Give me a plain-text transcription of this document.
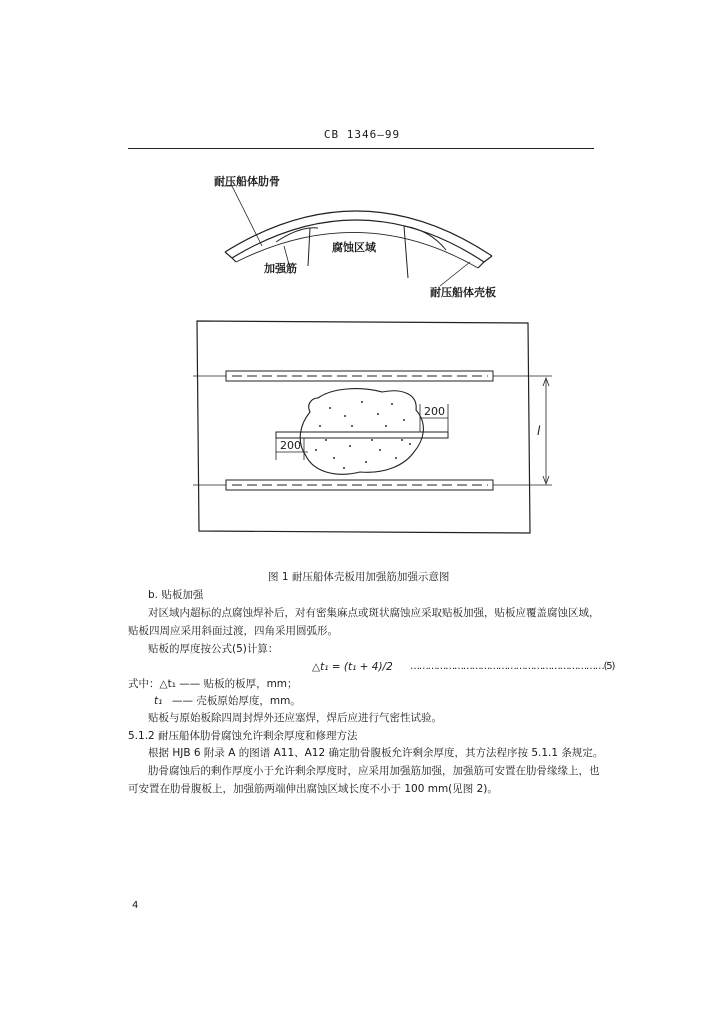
CB 1346—99
耐压船体肋骨
加强筋
腐蚀区域
耐压船体壳板
200
200
l
图 1 耐压船体壳板用加强筋加强示意图
b. 贴板加强
对区域内超标的点腐蚀焊补后，对有密集麻点或斑状腐蚀应采取贴板加强，贴板应覆盖腐蚀区域，
贴板四周应采用斜面过渡，四角采用圆弧形。
贴板的厚度按公式(5)计算：
△t₁ = (t₁ + 4)/2 …………………………………………………………(5)
式中：△t₁ —— 贴板的板厚，mm；
t₁ —— 壳板原始厚度，mm。
贴板与原始板除四周封焊外还应塞焊，焊后应进行气密性试验。
5.1.2 耐压船体肋骨腐蚀允许剩余厚度和修理方法
根据 HJB 6 附录 A 的图谱 A11、A12 确定肋骨腹板允许剩余厚度，其方法程序按 5.1.1 条规定。
肋骨腐蚀后的剩作厚度小于允许剩余厚度时，应采用加强筋加强，加强筋可安置在肋骨缘缘上，也
可安置在肋骨腹板上，加强筋两端伸出腐蚀区域长度不小于 100 mm(见图 2)。
4
